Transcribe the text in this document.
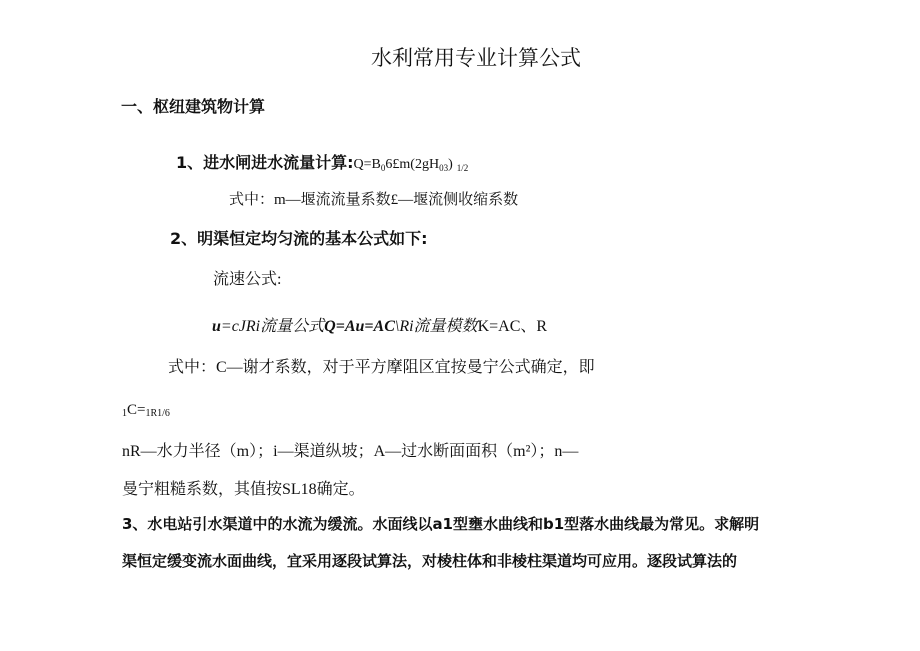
水利常用专业计算公式
一、枢纽建筑物计算
1、进水闸进水流量计算$:Q=B_06£m(2gH_{03})$ $_{1/2}$
式中：m—堰流流量系数£—堰流侧收缩系数
2、明渠恒定均匀流的基本公式如下:
流速公式:
u=cJRi流量公式Q=Au=AC\Ri流量模数K=AC、R
式中：C—谢才系数，对于平方摩阻区宜按曼宁公式确定，即
1C=1R1/6
nR—水力半径（m）；i—渠道纵坡；A—过水断面面积（m²）；n—
曼宁粗糙系数，其值按SL18确定。
3、水电站引水渠道中的水流为缓流。水面线以a1型壅水曲线和b1型落水曲线最为常见。求解明
渠恒定缓变流水面曲线，宜采用逐段试算法，对棱柱体和非棱柱渠道均可应用。逐段试算法的
